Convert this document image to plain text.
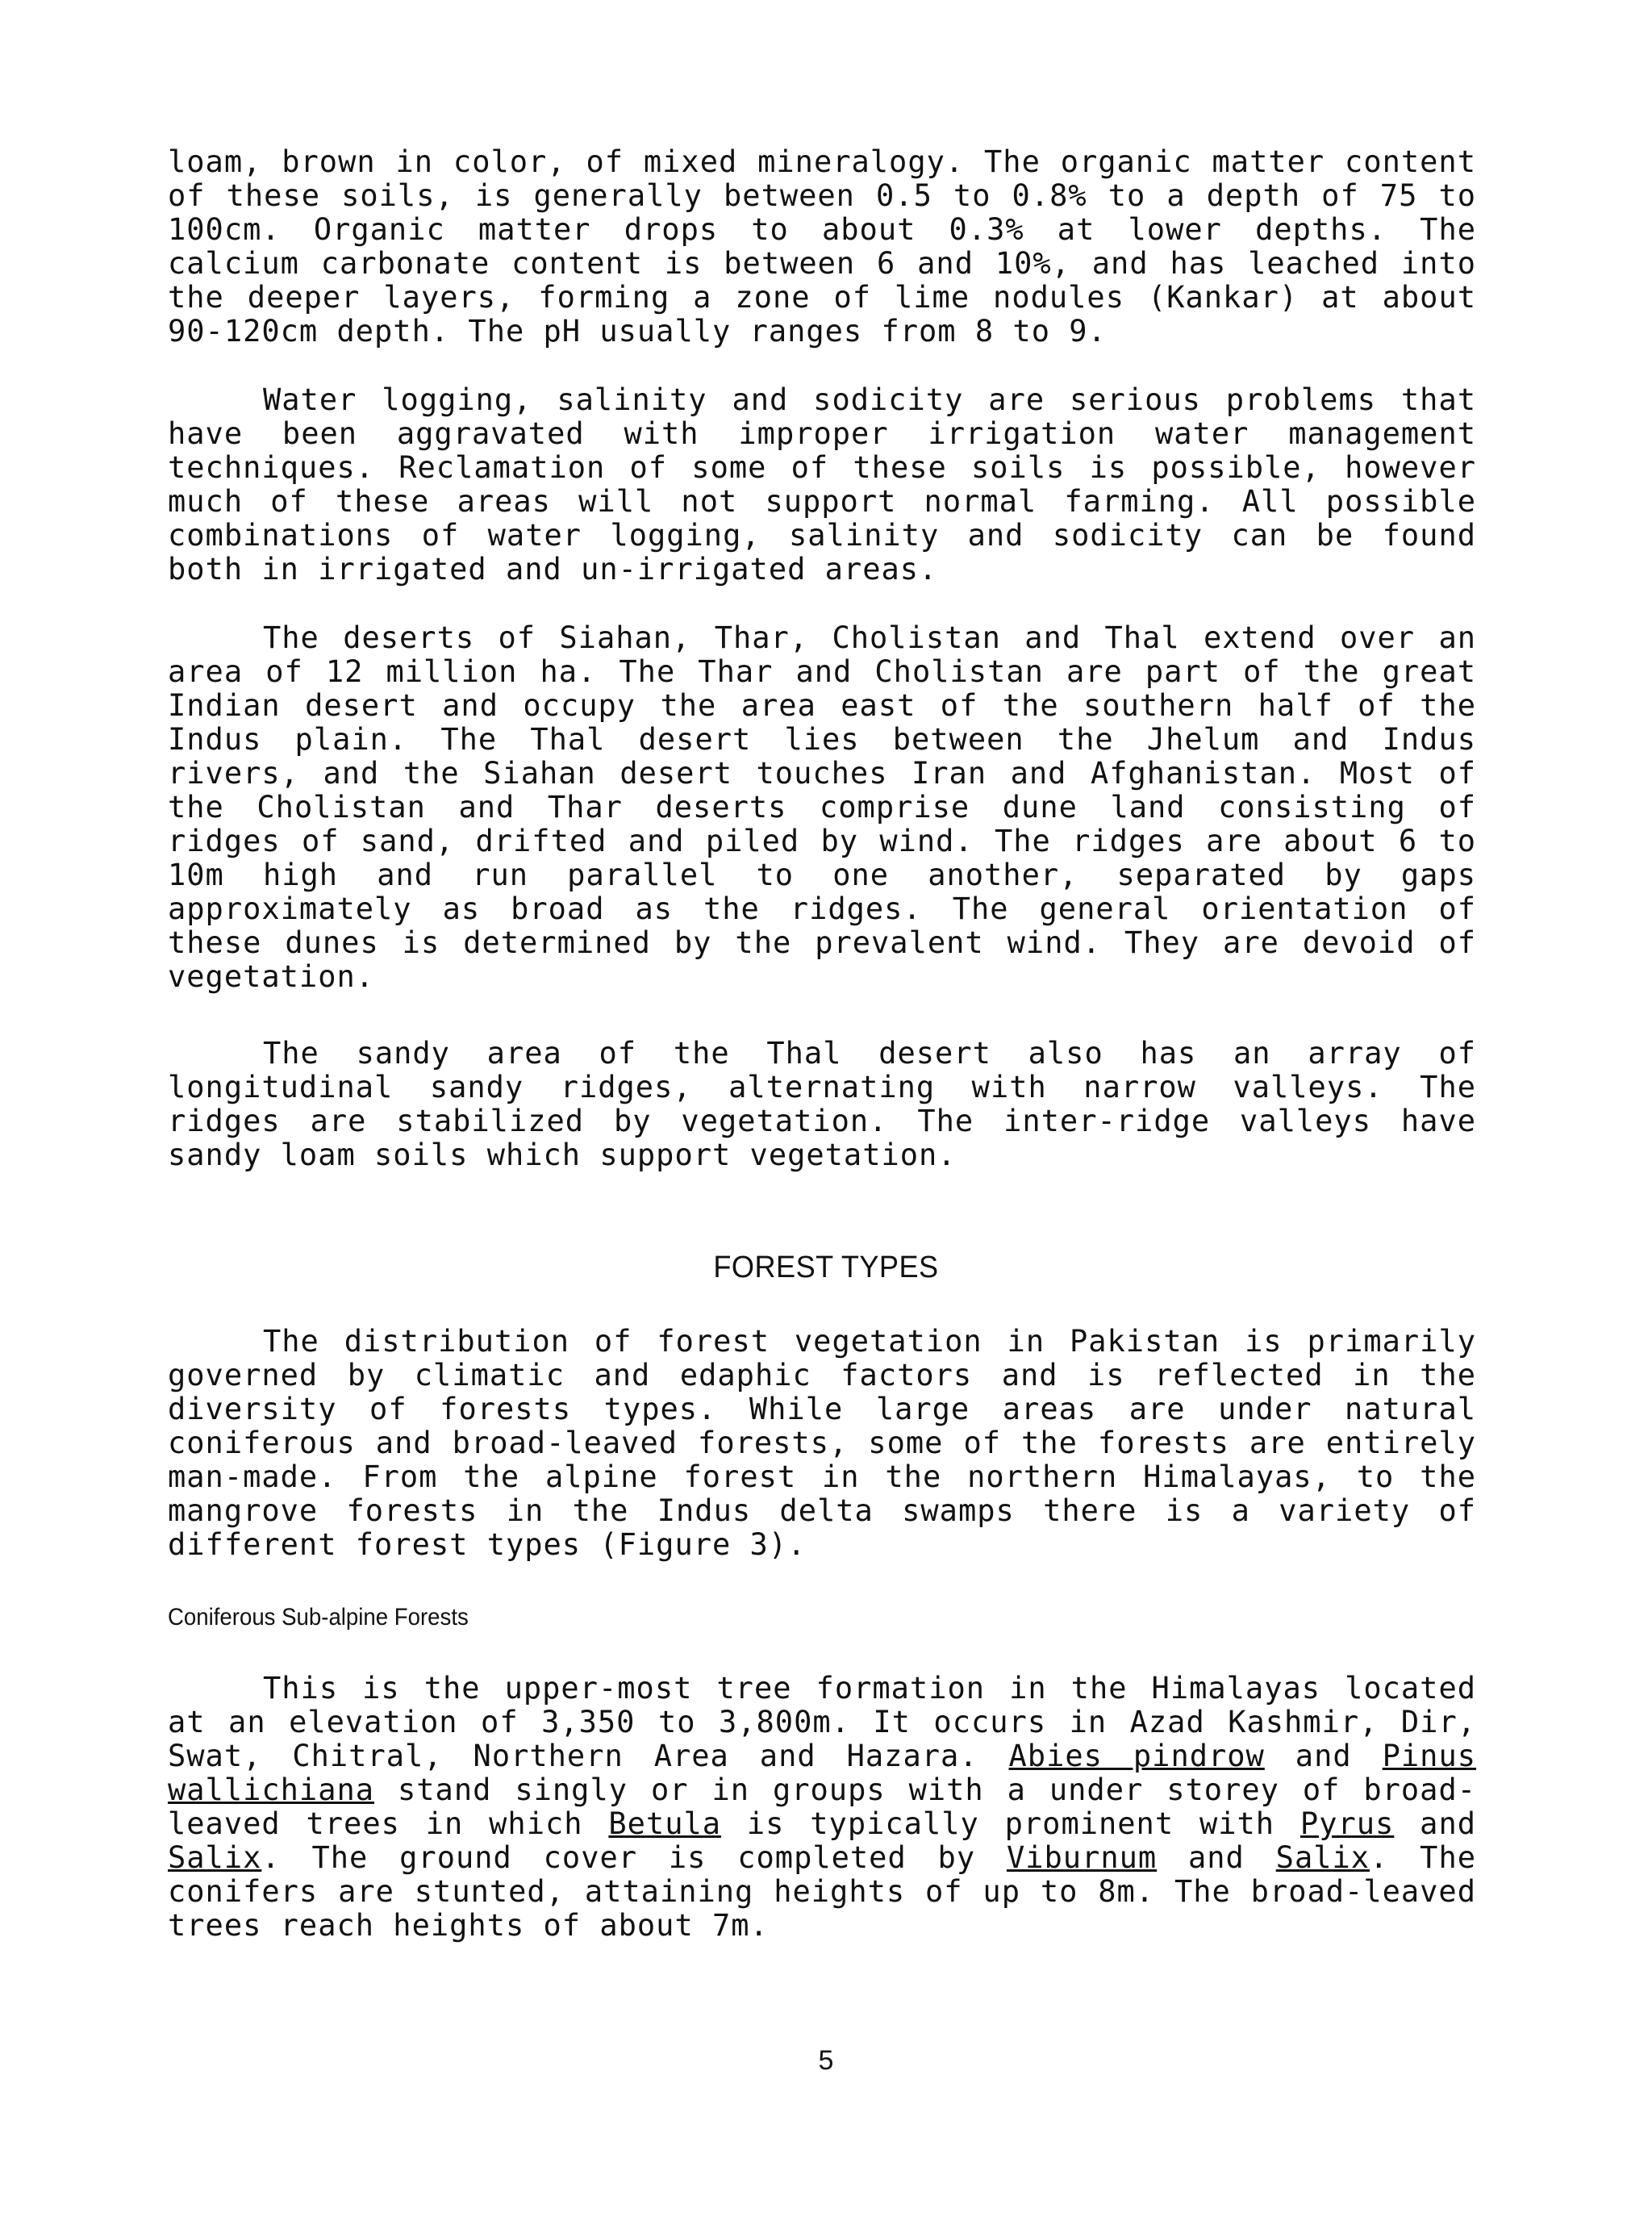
loam, brown in color, of mixed mineralogy. The organic matter content of these soils, is generally between 0.5 to 0.8% to a depth of 75 to 100cm. Organic matter drops to about 0.3% at lower depths. The calcium carbonate content is between 6 and 10%, and has leached into the deeper layers, forming a zone of lime nodules (Kankar) at about 90-120cm depth. The pH usually ranges from 8 to 9.

Water logging, salinity and sodicity are serious problems that have been aggravated with improper irrigation water management techniques. Reclamation of some of these soils is possible, however much of these areas will not support normal farming. All possible combinations of water logging, salinity and sodicity can be found both in irrigated and un-irrigated areas.

The deserts of Siahan, Thar, Cholistan and Thal extend over an area of 12 million ha. The Thar and Cholistan are part of the great Indian desert and occupy the area east of the southern half of the Indus plain. The Thal desert lies between the Jhelum and Indus rivers, and the Siahan desert touches Iran and Afghanistan. Most of the Cholistan and Thar deserts comprise dune land consisting of ridges of sand, drifted and piled by wind. The ridges are about 6 to 10m high and run parallel to one another, separated by gaps approximately as broad as the ridges. The general orientation of these dunes is determined by the prevalent wind. They are devoid of vegetation.

The sandy area of the Thal desert also has an array of longitudinal sandy ridges, alternating with narrow valleys. The ridges are stabilized by vegetation. The inter-ridge valleys have sandy loam soils which support vegetation.

FOREST TYPES

The distribution of forest vegetation in Pakistan is primarily governed by climatic and edaphic factors and is reflected in the diversity of forests types. While large areas are under natural coniferous and broad-leaved forests, some of the forests are entirely man-made. From the alpine forest in the northern Himalayas, to the mangrove forests in the Indus delta swamps there is a variety of different forest types (Figure 3).

Coniferous Sub-alpine Forests

This is the upper-most tree formation in the Himalayas located at an elevation of 3,350 to 3,800m. It occurs in Azad Kashmir, Dir, Swat, Chitral, Northern Area and Hazara. Abies pindrow and Pinus wallichiana stand singly or in groups with a under storey of broad-leaved trees in which Betula is typically prominent with Pyrus and Salix. The ground cover is completed by Viburnum and Salix. The conifers are stunted, attaining heights of up to 8m. The broad-leaved trees reach heights of about 7m.

5
